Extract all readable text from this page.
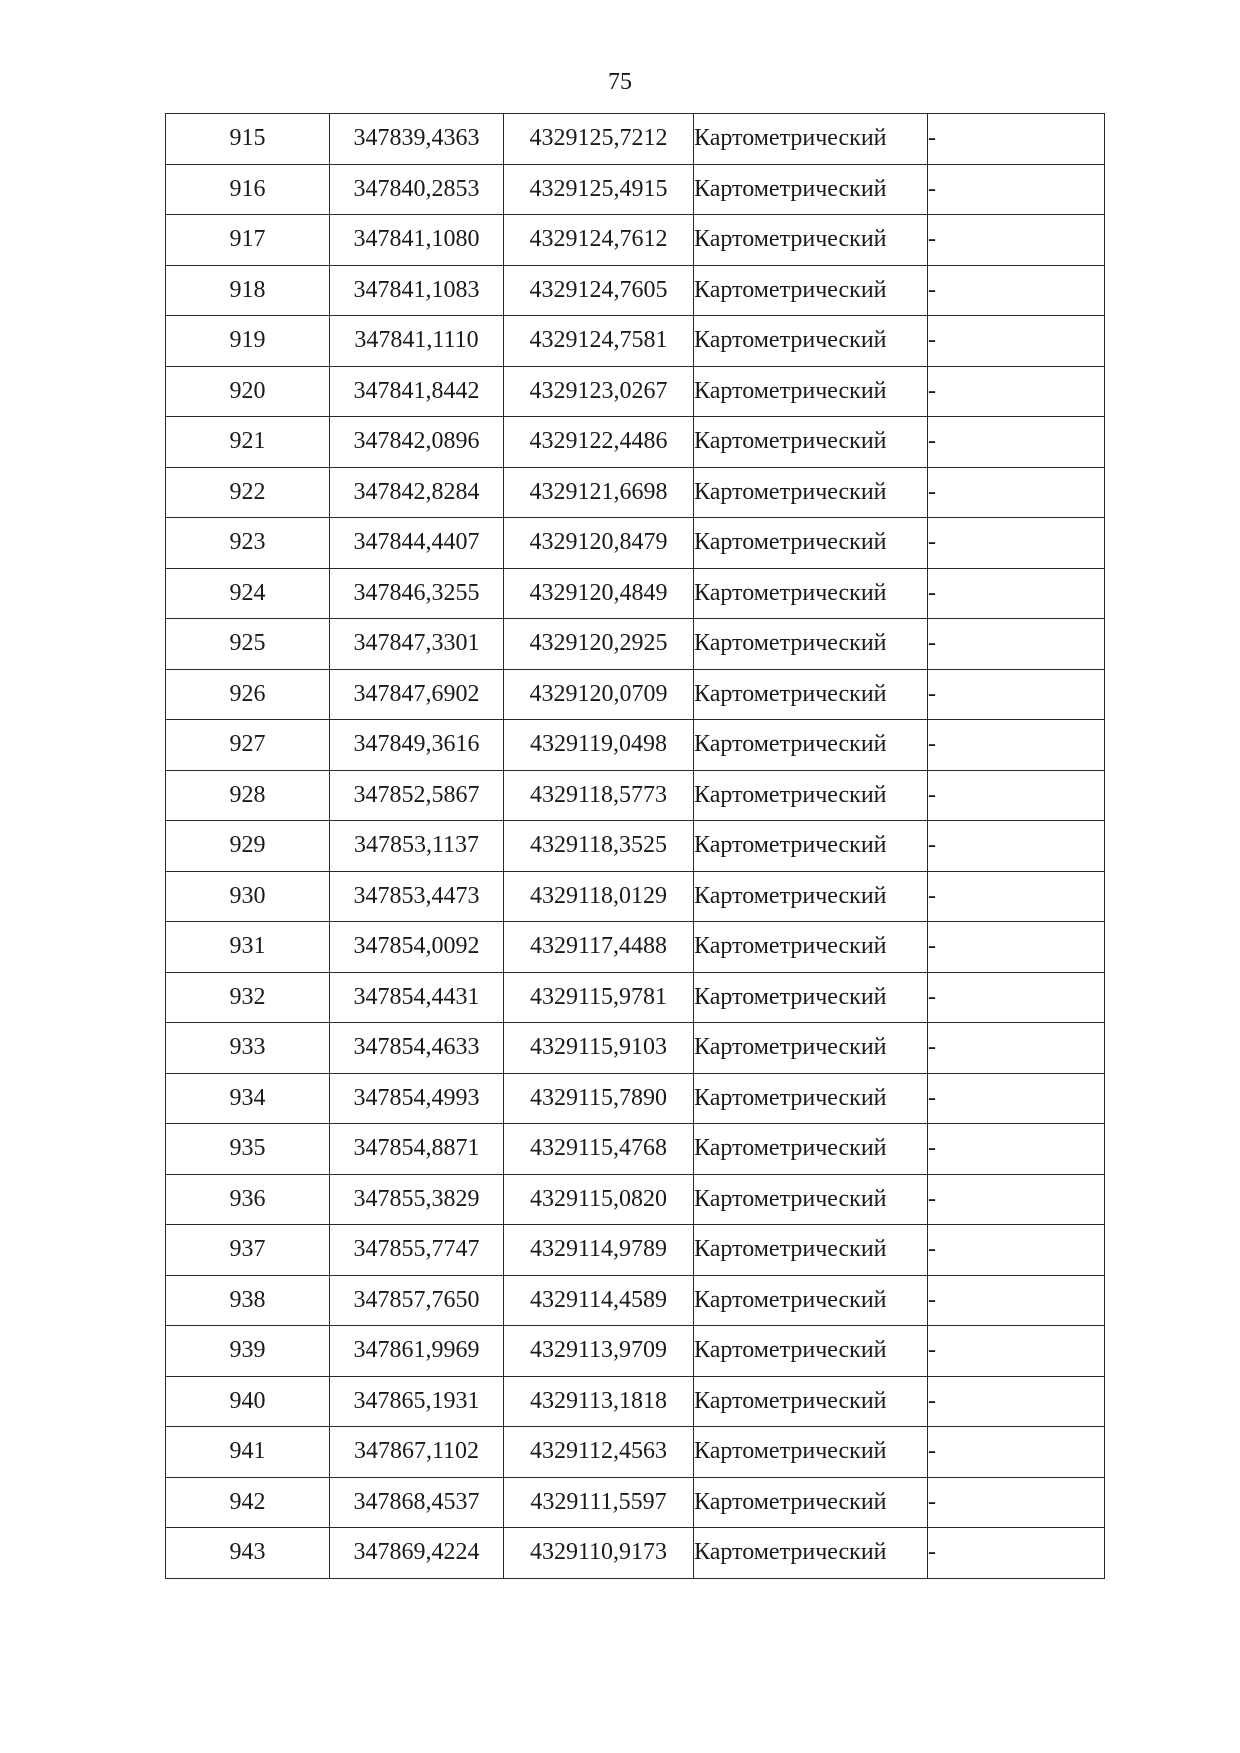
75
915	347839,4363	4329125,7212	Картометрический	-
916	347840,2853	4329125,4915	Картометрический	-
917	347841,1080	4329124,7612	Картометрический	-
918	347841,1083	4329124,7605	Картометрический	-
919	347841,1110	4329124,7581	Картометрический	-
920	347841,8442	4329123,0267	Картометрический	-
921	347842,0896	4329122,4486	Картометрический	-
922	347842,8284	4329121,6698	Картометрический	-
923	347844,4407	4329120,8479	Картометрический	-
924	347846,3255	4329120,4849	Картометрический	-
925	347847,3301	4329120,2925	Картометрический	-
926	347847,6902	4329120,0709	Картометрический	-
927	347849,3616	4329119,0498	Картометрический	-
928	347852,5867	4329118,5773	Картометрический	-
929	347853,1137	4329118,3525	Картометрический	-
930	347853,4473	4329118,0129	Картометрический	-
931	347854,0092	4329117,4488	Картометрический	-
932	347854,4431	4329115,9781	Картометрический	-
933	347854,4633	4329115,9103	Картометрический	-
934	347854,4993	4329115,7890	Картометрический	-
935	347854,8871	4329115,4768	Картометрический	-
936	347855,3829	4329115,0820	Картометрический	-
937	347855,7747	4329114,9789	Картометрический	-
938	347857,7650	4329114,4589	Картометрический	-
939	347861,9969	4329113,9709	Картометрический	-
940	347865,1931	4329113,1818	Картометрический	-
941	347867,1102	4329112,4563	Картометрический	-
942	347868,4537	4329111,5597	Картометрический	-
943	347869,4224	4329110,9173	Картометрический	-
